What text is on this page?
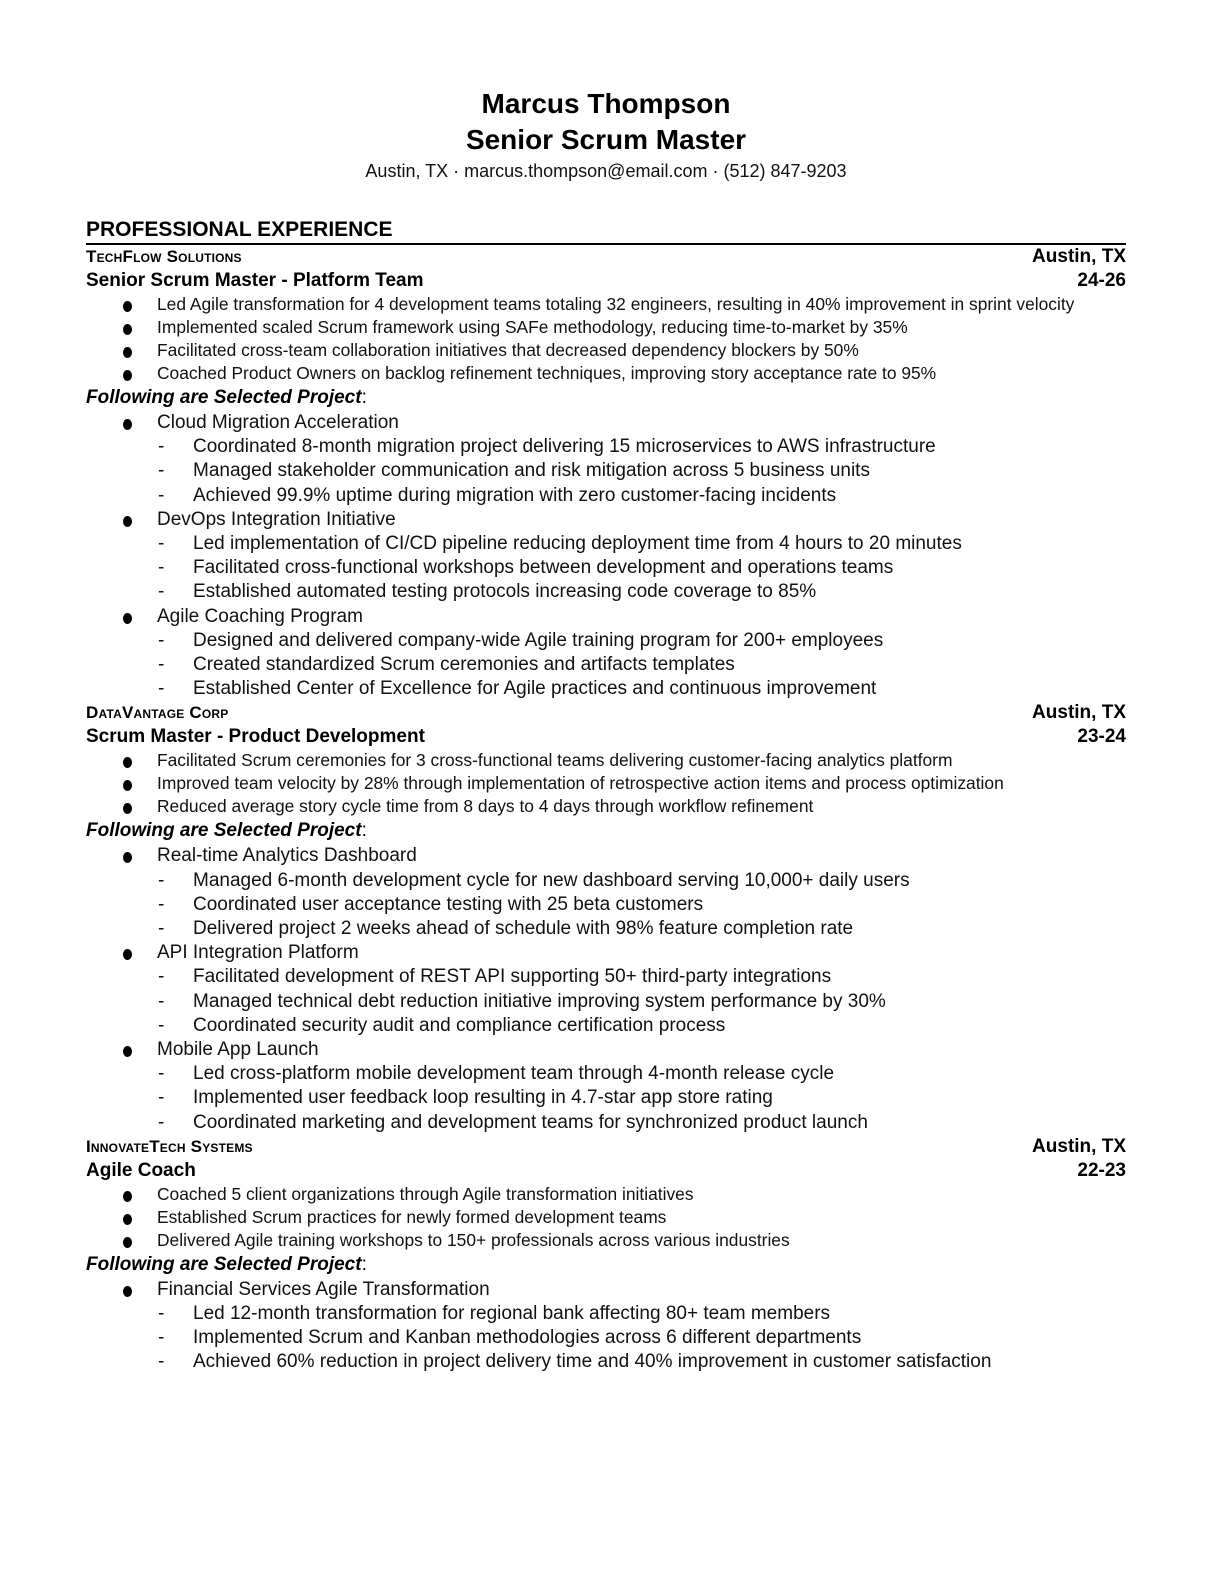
Marcus Thompson
Senior Scrum Master
Austin, TX · marcus.thompson@email.com · (512) 847-9203
PROFESSIONAL EXPERIENCE
TechFlow Solutions	Austin, TX
Senior Scrum Master - Platform Team	24-26
Led Agile transformation for 4 development teams totaling 32 engineers, resulting in 40% improvement in sprint velocity
Implemented scaled Scrum framework using SAFe methodology, reducing time-to-market by 35%
Facilitated cross-team collaboration initiatives that decreased dependency blockers by 50%
Coached Product Owners on backlog refinement techniques, improving story acceptance rate to 95%
Following are Selected Project:
Cloud Migration Acceleration
- Coordinated 8-month migration project delivering 15 microservices to AWS infrastructure
- Managed stakeholder communication and risk mitigation across 5 business units
- Achieved 99.9% uptime during migration with zero customer-facing incidents
DevOps Integration Initiative
- Led implementation of CI/CD pipeline reducing deployment time from 4 hours to 20 minutes
- Facilitated cross-functional workshops between development and operations teams
- Established automated testing protocols increasing code coverage to 85%
Agile Coaching Program
- Designed and delivered company-wide Agile training program for 200+ employees
- Created standardized Scrum ceremonies and artifacts templates
- Established Center of Excellence for Agile practices and continuous improvement
DataVantage Corp	Austin, TX
Scrum Master - Product Development	23-24
Facilitated Scrum ceremonies for 3 cross-functional teams delivering customer-facing analytics platform
Improved team velocity by 28% through implementation of retrospective action items and process optimization
Reduced average story cycle time from 8 days to 4 days through workflow refinement
Following are Selected Project:
Real-time Analytics Dashboard
- Managed 6-month development cycle for new dashboard serving 10,000+ daily users
- Coordinated user acceptance testing with 25 beta customers
- Delivered project 2 weeks ahead of schedule with 98% feature completion rate
API Integration Platform
- Facilitated development of REST API supporting 50+ third-party integrations
- Managed technical debt reduction initiative improving system performance by 30%
- Coordinated security audit and compliance certification process
Mobile App Launch
- Led cross-platform mobile development team through 4-month release cycle
- Implemented user feedback loop resulting in 4.7-star app store rating
- Coordinated marketing and development teams for synchronized product launch
InnovateTech Systems	Austin, TX
Agile Coach	22-23
Coached 5 client organizations through Agile transformation initiatives
Established Scrum practices for newly formed development teams
Delivered Agile training workshops to 150+ professionals across various industries
Following are Selected Project:
Financial Services Agile Transformation
- Led 12-month transformation for regional bank affecting 80+ team members
- Implemented Scrum and Kanban methodologies across 6 different departments
- Achieved 60% reduction in project delivery time and 40% improvement in customer satisfaction
